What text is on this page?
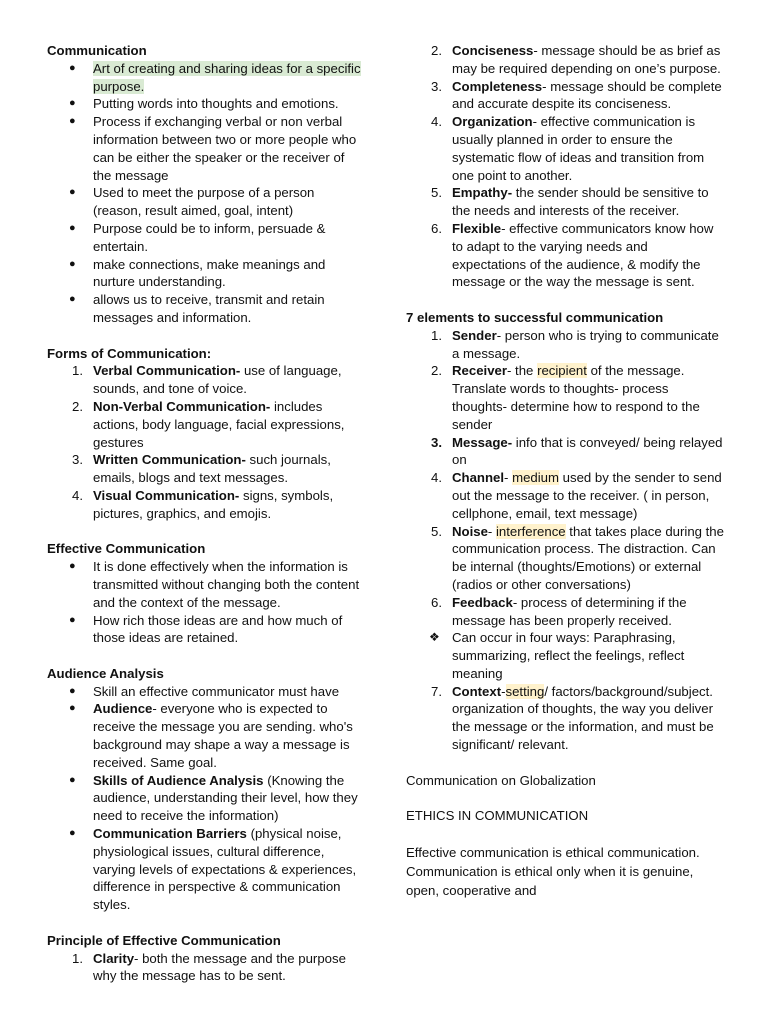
Communication

● Art of creating and sharing ideas for a specific purpose.
● Putting words into thoughts and emotions.
● Process if exchanging verbal or non verbal information between two or more people who can be either the speaker or the receiver of the message
● Used to meet the purpose of a person (reason, result aimed, goal, intent)
● Purpose could be to inform, persuade & entertain.
● make connections, make meanings and nurture understanding.
● allows us to receive, transmit and retain messages and information.

Forms of Communication:

1. Verbal Communication- use of language, sounds, and tone of voice.
2. Non-Verbal Communication- includes actions, body language, facial expressions, gestures
3. Written Communication- such journals, emails, blogs and text messages.
4. Visual Communication- signs, symbols, pictures, graphics, and emojis.

Effective Communication

● It is done effectively when the information is transmitted without changing both the content and the context of the message.
● How rich those ideas are and how much of those ideas are retained.

Audience Analysis

● Skill an effective communicator must have
● Audience- everyone who is expected to receive the message you are sending. who's background may shape a way a message is received. Same goal.
● Skills of Audience Analysis (Knowing the audience, understanding their level, how they need to receive the information)
● Communication Barriers (physical noise, physiological issues, cultural difference, varying levels of expectations & experiences, difference in perspective & communication styles.

Principle of Effective Communication

1. Clarity- both the message and the purpose why the message has to be sent.
2. Conciseness- message should be as brief as may be required depending on one’s purpose.
3. Completeness- message should be complete and accurate despite its conciseness.
4. Organization- effective communication is usually planned in order to ensure the systematic flow of ideas and transition from one point to another.
5. Empathy- the sender should be sensitive to the needs and interests of the receiver.
6. Flexible- effective communicators know how to adapt to the varying needs and expectations of the audience, & modify the message or the way the message is sent.

7 elements to successful communication

1. Sender- person who is trying to communicate a message.
2. Receiver- the recipient of the message. Translate words to thoughts- process thoughts- determine how to respond to the sender
3. Message- info that is conveyed/ being relayed on
4. Channel- medium used by the sender to send out the message to the receiver. ( in person, cellphone, email, text message)
5. Noise- interference that takes place during the communication process. The distraction. Can be internal (thoughts/Emotions) or external (radios or other conversations)
6. Feedback- process of determining if the message has been properly received.
❖ Can occur in four ways: Paraphrasing, summarizing, reflect the feelings, reflect meaning
7. Context-setting/ factors/background/subject. organization of thoughts, the way you deliver the message or the information, and must be significant/ relevant.

Communication on Globalization

ETHICS IN COMMUNICATION

Effective communication is ethical communication. Communication is ethical only when it is genuine, open, cooperative and
